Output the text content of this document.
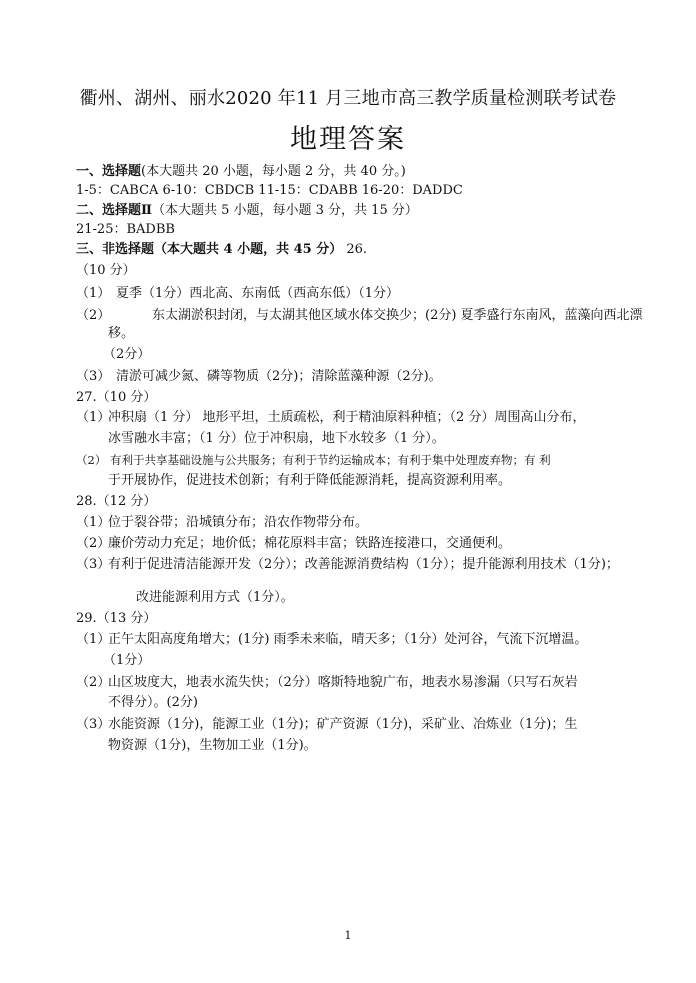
衢州、湖州、丽水2020 年11 月三地市高三教学质量检测联考试卷
地理答案
一、选择题(本大题共 20 小题，每小题 2 分，共 40 分。)
1-5：CABCA 6-10：CBDCB 11-15：CDABB 16-20：DADDC
二、选择题Ⅱ（本大题共 5 小题，每小题 3 分，共 15 分）
21-25：BADBB
三、非选择题（本大题共 4 小题，共 45 分） 26.
（10 分）
（1） 夏季（1分）西北高、东南低（西高东低）（1分）
（2）	东太湖淤积封闭，与太湖其他区域水体交换少；(2分) 夏季盛行东南风，蓝藻向西北漂
移。
（2分）
（3） 清淤可减少氮、磷等物质（2分)；清除蓝藻种源（2分)。
27.（10 分）
（1）冲积扇（1 分） 地形平坦，土质疏松，利于精油原料种植；（2 分）周围高山分布，
冰雪融水丰富；（1 分）位于冲积扇，地下水较多（1 分）。
（2） 有利于共享基础设施与公共服务；有利于节约运输成本；有利于集中处理废弃物；有 利
于开展协作，促进技术创新；有利于降低能源消耗，提高资源利用率。
28.（12 分）
（1）位于裂谷带；沿城镇分布；沿农作物带分布。
（2）廉价劳动力充足；地价低；棉花原料丰富；铁路连接港口，交通便利。
（3）有利于促进清洁能源开发（2分）；改善能源消费结构（1分）；提升能源利用技术（1分)；
改进能源利用方式（1分）。
29.（13 分）
（1）正午太阳高度角增大；(1分) 雨季未来临，晴天多；（1分）处河谷，气流下沉增温。
（1分）
（2）山区坡度大，地表水流失快；（2分）喀斯特地貌广布，地表水易渗漏（只写石灰岩
不得分）。(2分)
（3）水能资源（1分)，能源工业（1分)；矿产资源（1分)，采矿业、冶炼业（1分)；生
物资源（1分)，生物加工业（1分)。
1
